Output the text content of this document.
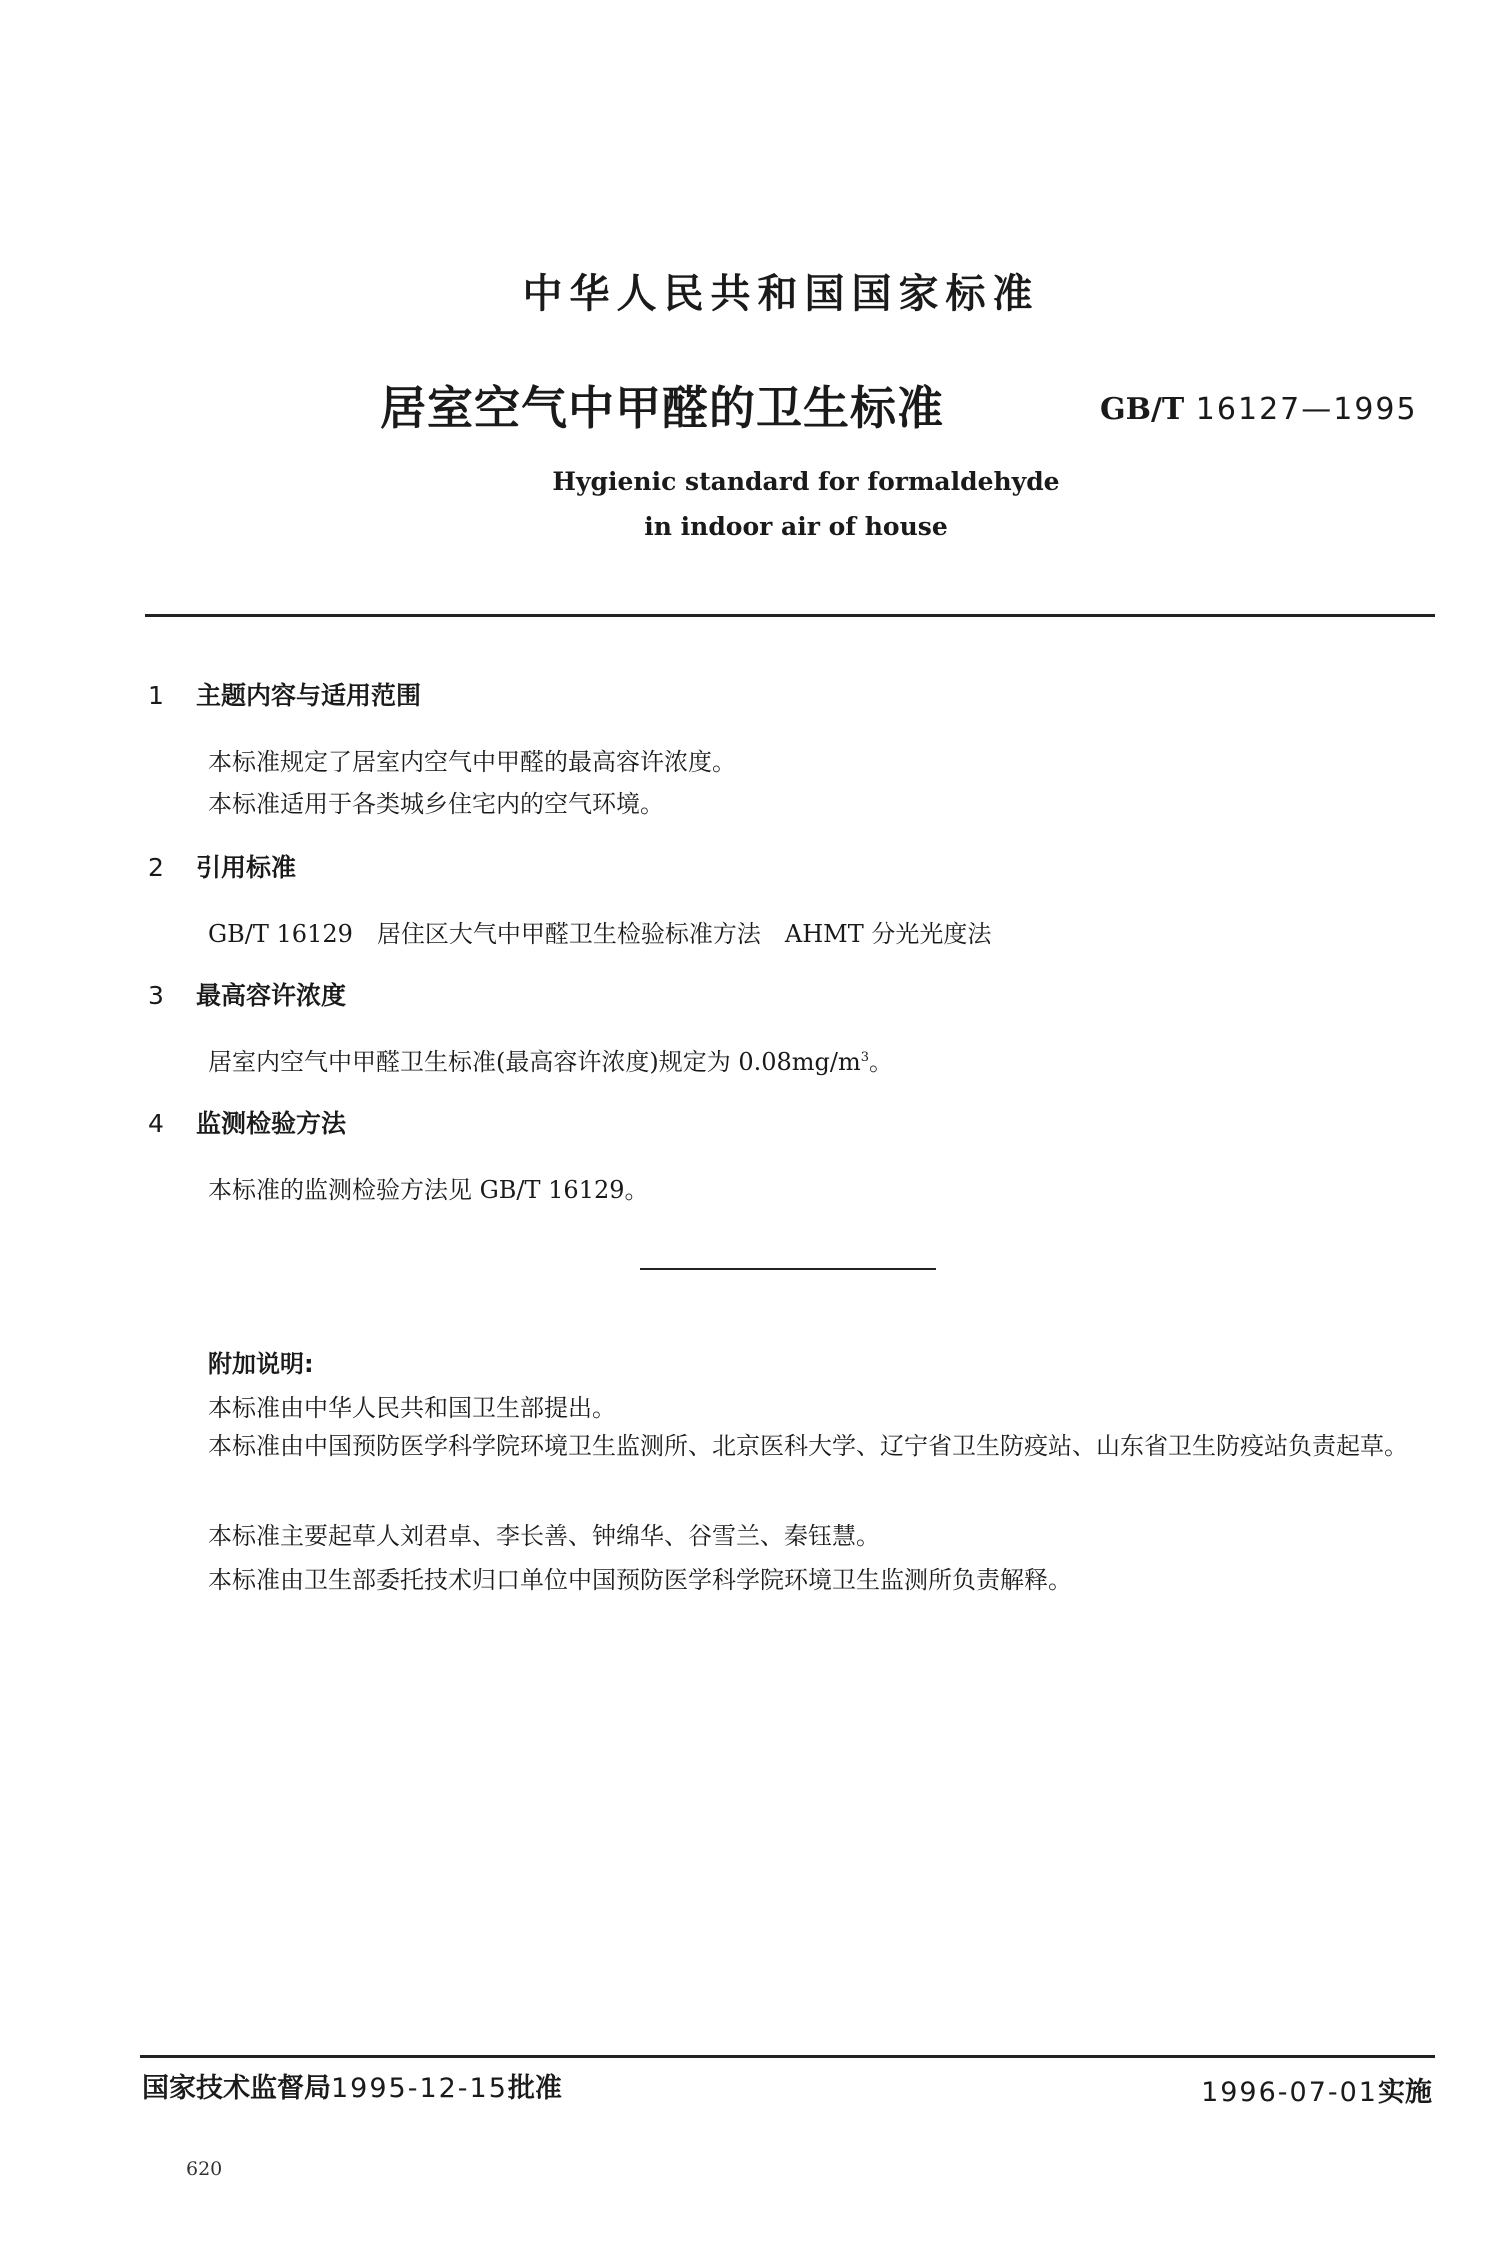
中华人民共和国国家标准
居室空气中甲醛的卫生标准	GB/T 16127—1995
Hygienic standard for formaldehyde
in indoor air of house
1 主题内容与适用范围
本标准规定了居室内空气中甲醛的最高容许浓度。
本标准适用于各类城乡住宅内的空气环境。
2 引用标准
GB/T 16129　居住区大气中甲醛卫生检验标准方法　AHMT 分光光度法
3 最高容许浓度
居室内空气中甲醛卫生标准(最高容许浓度)规定为 $0.08mg/m^3$。
4 监测检验方法
本标准的监测检验方法见 GB/T 16129。
附加说明:
本标准由中华人民共和国卫生部提出。
本标准由中国预防医学科学院环境卫生监测所、北京医科大学、辽宁省卫生防疫站、山东省卫生防疫站负责起草。
本标准主要起草人刘君卓、李长善、钟绵华、谷雪兰、秦钰慧。
本标准由卫生部委托技术归口单位中国预防医学科学院环境卫生监测所负责解释。
国家技术监督局1995-12-15批准	1996-07-01实施
620
